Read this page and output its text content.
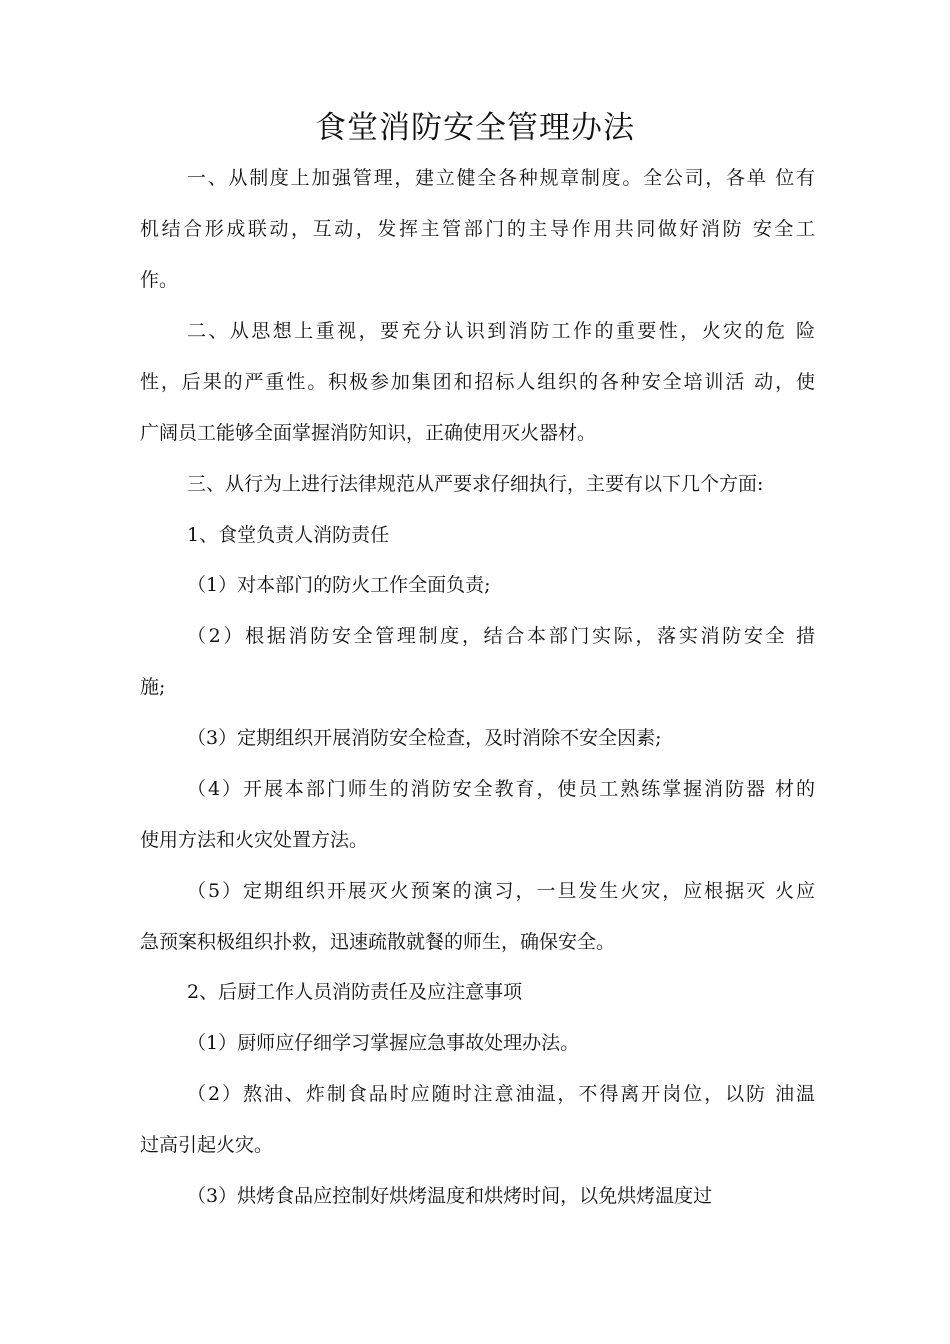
食堂消防安全管理办法
一、从制度上加强管理，建立健全各种规章制度。全公司，各单 位有
机结合形成联动，互动，发挥主管部门的主导作用共同做好消防 安全工
作。
二、从思想上重视，要充分认识到消防工作的重要性，火灾的危 险
性，后果的严重性。积极参加集团和招标人组织的各种安全培训活 动，使
广阔员工能够全面掌握消防知识，正确使用灭火器材。
三、从行为上进行法律规范从严要求仔细执行，主要有以下几个方面:
1、食堂负责人消防责任
（1）对本部门的防火工作全面负责;
（2）根据消防安全管理制度，结合本部门实际，落实消防安全 措
施;
（3）定期组织开展消防安全检查，及时消除不安全因素;
（4）开展本部门师生的消防安全教育，使员工熟练掌握消防器 材的
使用方法和火灾处置方法。
（5）定期组织开展灭火预案的演习，一旦发生火灾，应根据灭 火应
急预案积极组织扑救，迅速疏散就餐的师生，确保安全。
2、后厨工作人员消防责任及应注意事项
（1）厨师应仔细学习掌握应急事故处理办法。
（2）熬油、炸制食品时应随时注意油温，不得离开岗位，以防 油温
过高引起火灾。
（3）烘烤食品应控制好烘烤温度和烘烤时间，以免烘烤温度过
